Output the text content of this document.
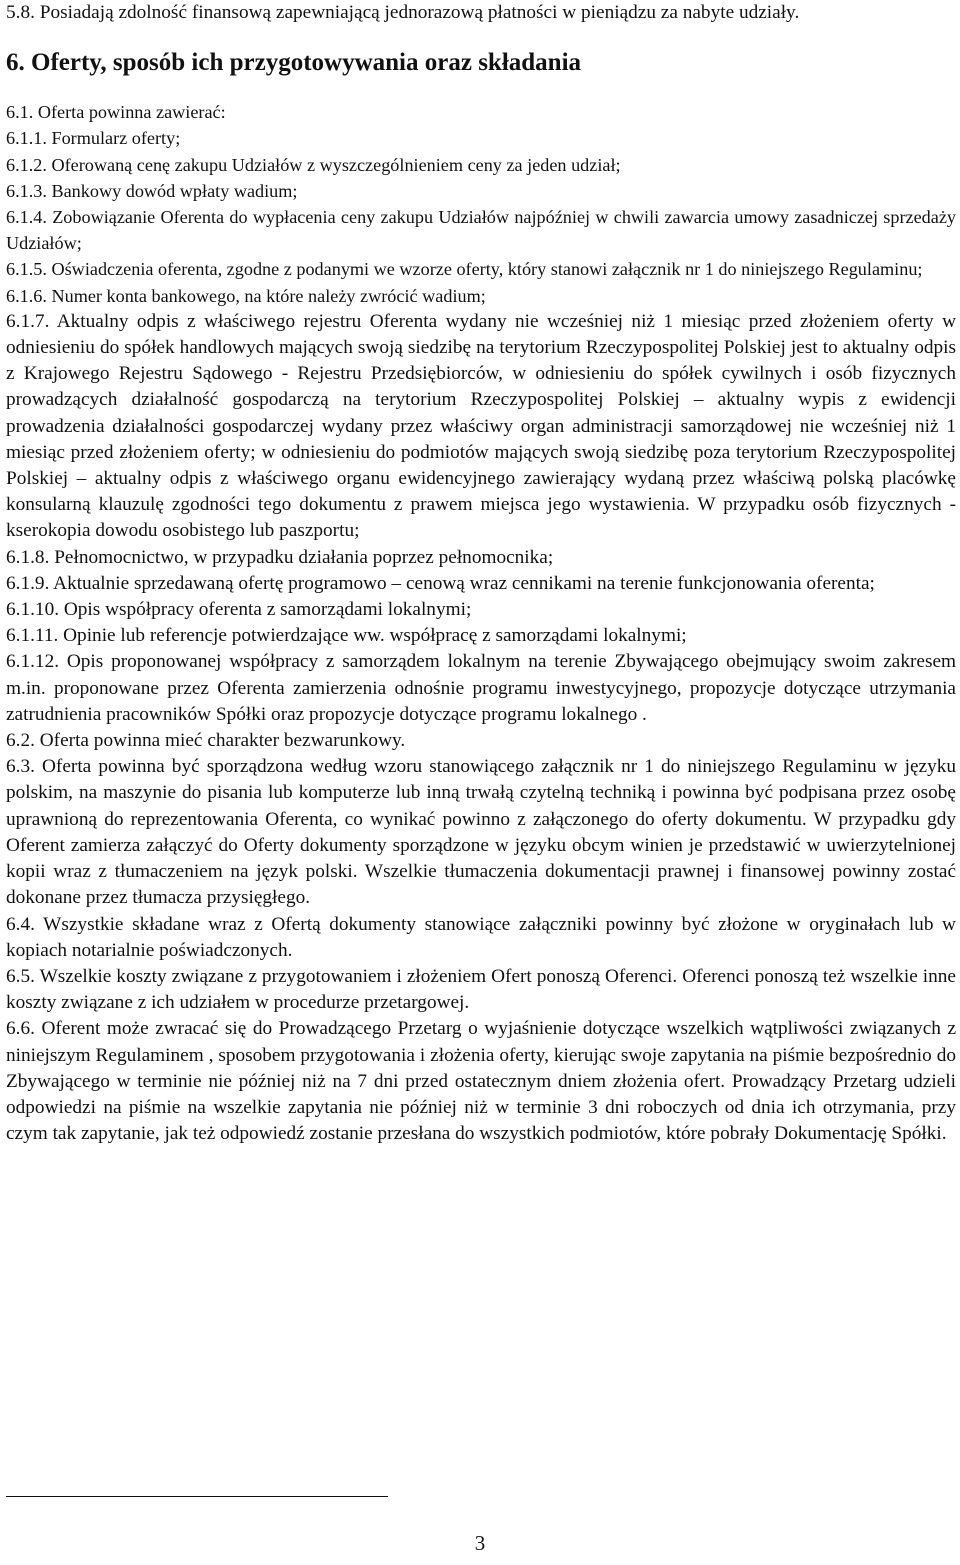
5.8. Posiadają zdolność finansową zapewniającą jednorazową płatności w pieniądzu za nabyte udziały.

6. Oferty, sposób ich przygotowywania oraz składania

6.1. Oferta powinna zawierać:

6.1.1. Formularz oferty;

6.1.2. Oferowaną cenę zakupu Udziałów z wyszczególnieniem ceny za jeden udział;

6.1.3. Bankowy dowód wpłaty wadium;

6.1.4. Zobowiązanie Oferenta do wypłacenia ceny zakupu Udziałów najpóźniej w chwili zawarcia umowy zasadniczej sprzedaży Udziałów;

6.1.5. Oświadczenia oferenta, zgodne z podanymi we wzorze oferty, który stanowi załącznik nr 1 do niniejszego Regulaminu;

6.1.6. Numer konta bankowego, na które należy zwrócić wadium;

6.1.7. Aktualny odpis z właściwego rejestru Oferenta wydany nie wcześniej niż 1 miesiąc przed złożeniem oferty w odniesieniu do spółek handlowych mających swoją siedzibę na terytorium Rzeczypospolitej Polskiej jest to aktualny odpis z Krajowego Rejestru Sądowego - Rejestru Przedsiębiorców, w odniesieniu do spółek cywilnych i osób fizycznych prowadzących działalność gospodarczą na terytorium Rzeczypospolitej Polskiej – aktualny wypis z ewidencji prowadzenia działalności gospodarczej wydany przez właściwy organ administracji samorządowej nie wcześniej niż 1 miesiąc przed złożeniem oferty; w odniesieniu do podmiotów mających swoją siedzibę poza terytorium Rzeczypospolitej Polskiej – aktualny odpis z właściwego organu ewidencyjnego zawierający wydaną przez właściwą polską placówkę konsularną klauzulę zgodności tego dokumentu z prawem miejsca jego wystawienia. W przypadku osób fizycznych - kserokopia dowodu osobistego lub paszportu;

6.1.8. Pełnomocnictwo, w przypadku działania poprzez pełnomocnika;

6.1.9. Aktualnie sprzedawaną ofertę programowo – cenową wraz cennikami na terenie funkcjonowania oferenta;

6.1.10. Opis współpracy oferenta z samorządami lokalnymi;

6.1.11. Opinie lub referencje potwierdzające ww. współpracę z samorządami lokalnymi;

6.1.12. Opis proponowanej współpracy z samorządem lokalnym na terenie Zbywającego obejmujący swoim zakresem m.in. proponowane przez Oferenta zamierzenia odnośnie programu inwestycyjnego, propozycje dotyczące utrzymania zatrudnienia pracowników Spółki oraz propozycje dotyczące programu lokalnego .

6.2. Oferta powinna mieć charakter bezwarunkowy.

6.3. Oferta powinna być sporządzona według wzoru stanowiącego załącznik nr 1 do niniejszego Regulaminu w języku polskim, na maszynie do pisania lub komputerze lub inną trwałą czytelną techniką i powinna być podpisana przez osobę uprawnioną do reprezentowania Oferenta, co wynikać powinno z załączonego do oferty dokumentu. W przypadku gdy Oferent zamierza załączyć do Oferty dokumenty sporządzone w języku obcym winien je przedstawić w uwierzytelnionej kopii wraz z tłumaczeniem na język polski. Wszelkie tłumaczenia dokumentacji prawnej i finansowej powinny zostać dokonane przez tłumacza przysięgłego.

6.4. Wszystkie składane wraz z Ofertą dokumenty stanowiące załączniki powinny być złożone w oryginałach lub w kopiach notarialnie poświadczonych.

6.5. Wszelkie koszty związane z przygotowaniem i złożeniem Ofert ponoszą Oferenci. Oferenci ponoszą też wszelkie inne koszty związane z ich udziałem w procedurze przetargowej.

6.6. Oferent może zwracać się do Prowadzącego Przetarg o wyjaśnienie dotyczące wszelkich wątpliwości związanych z niniejszym Regulaminem , sposobem przygotowania i złożenia oferty, kierując swoje zapytania na piśmie bezpośrednio do Zbywającego w terminie nie później niż na 7 dni przed ostatecznym dniem złożenia ofert. Prowadzący Przetarg udzieli odpowiedzi na piśmie na wszelkie zapytania nie później niż w terminie 3 dni roboczych od dnia ich otrzymania, przy czym tak zapytanie, jak też odpowiedź zostanie przesłana do wszystkich podmiotów, które pobrały Dokumentację Spółki.

3
